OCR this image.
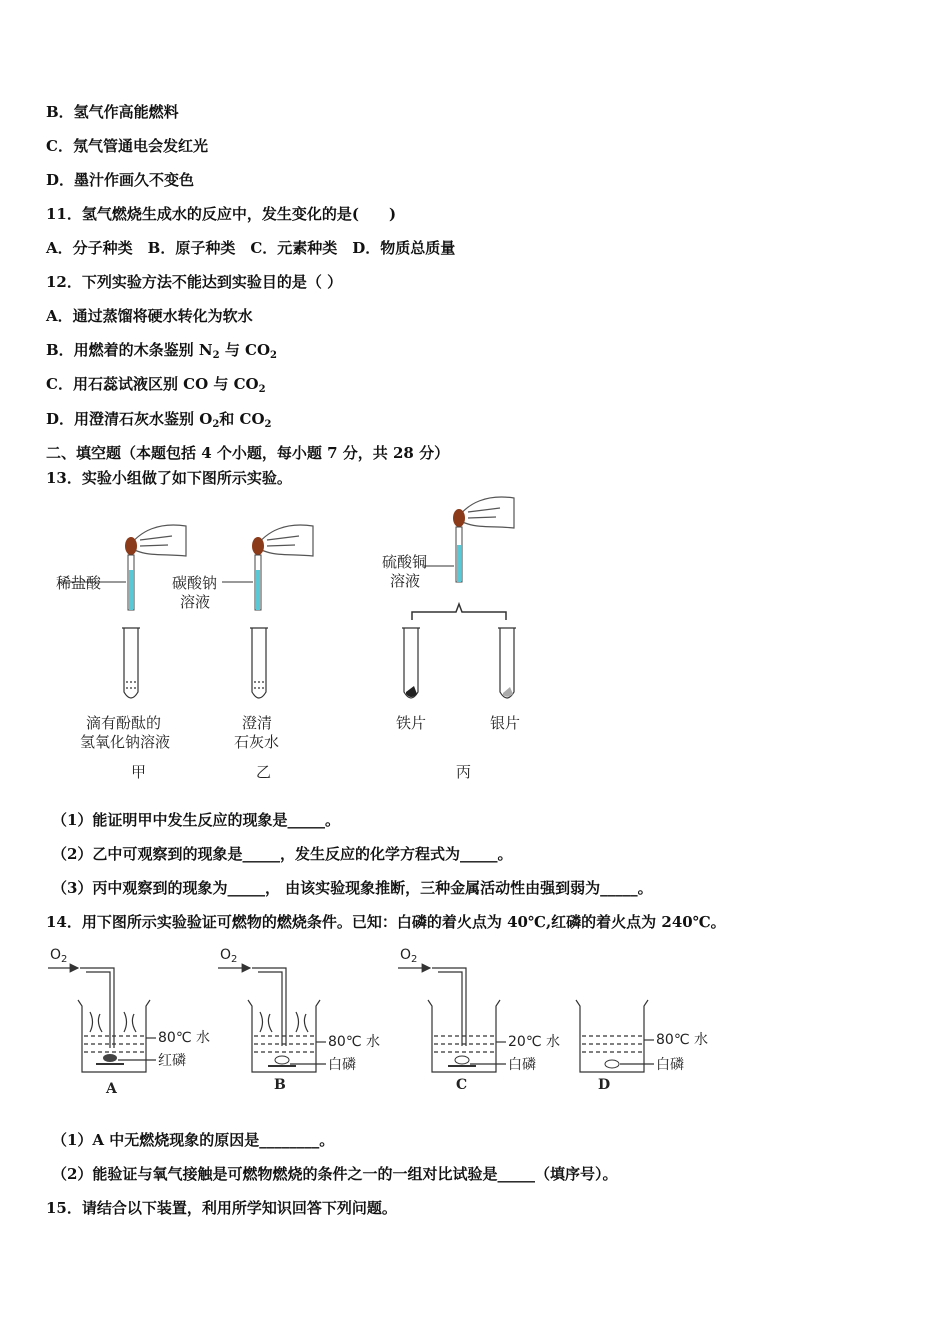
B．氢气作高能燃料
C．氖气管通电会发红光
D．墨汁作画久不变色
11．氢气燃烧生成水的反应中，发生变化的是(　　)
A．分子种类　B．原子种类　C．元素种类　D．物质总质量
12．下列实验方法不能达到实验目的是（ ）
A．通过蒸馏将硬水转化为软水
B．用燃着的木条鉴别 $N_2$ 与 $CO_2$
C．用石蕊试液区别 CO 与 $CO_2$
D．用澄清石灰水鉴别 $O_2$和 $CO_2$
二、填空题（本题包括 4 个小题，每小题 7 分，共 28 分）
13．实验小组做了如下图所示实验。
稀盐酸	碳酸钠
溶液
硫酸铜
溶液
滴有酚酞的
氢氧化钠溶液
澄清
石灰水
铁片	银片
甲	乙	丙
（1）能证明甲中发生反应的现象是_____。
（2）乙中可观察到的现象是_____，发生反应的化学方程式为_____。
（3）丙中观察到的现象为_____， 由该实验现象推断，三种金属活动性由强到弱为_____。
14．用下图所示实验验证可燃物的燃烧条件。已知：白磷的着火点为 40℃,红磷的着火点为 240℃。
$O_2$	$O_2$	$O_2$
80℃ 水
红磷
A
80℃ 水
白磷
B
20℃ 水
白磷
C
80℃ 水
白磷
D
（1）A 中无燃烧现象的原因是________。
（2）能验证与氧气接触是可燃物燃烧的条件之一的一组对比试验是_____（填序号）。
15．请结合以下装置，利用所学知识回答下列问题。
